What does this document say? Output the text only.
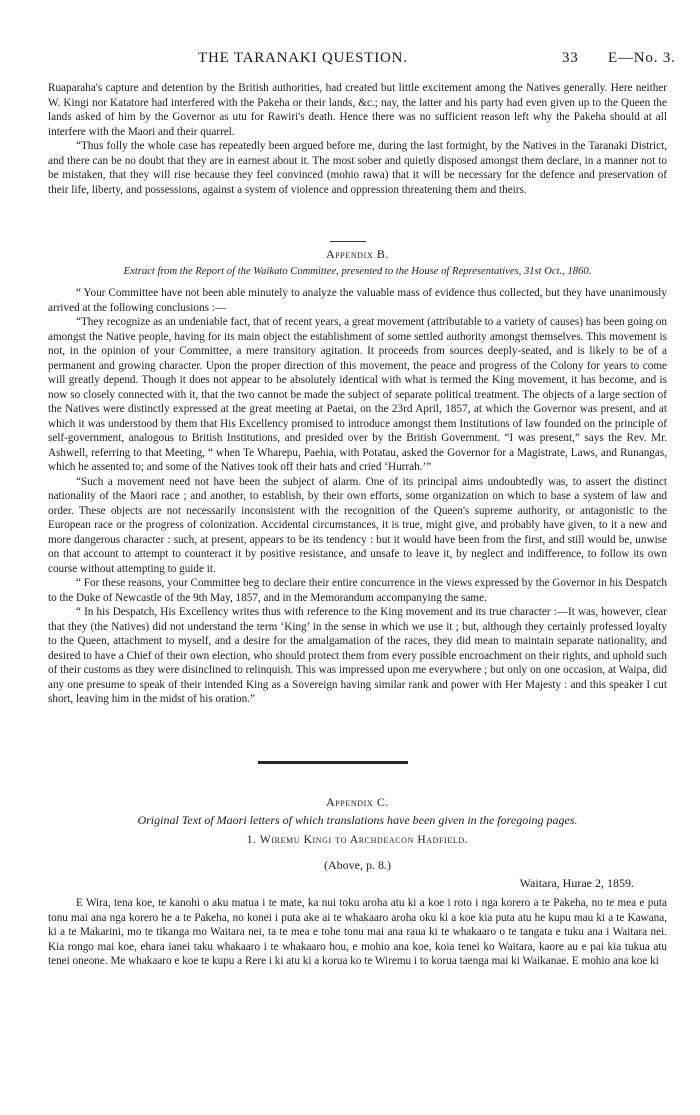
THE TARANAKI QUESTION.	33 E—No. 3.

Ruaparaha's capture and detention by the British authorities, had created but little excitement among the Natives generally. Here neither W. Kingi nor Katatore had interfered with the Pakeha or their lands, &c.; nay, the latter and his party had even given up to the Queen the lands asked of him by the Governor as utu for Rawiri's death. Hence there was no sufficient reason left why the Pakeha should at all interfere with the Maori and their quarrel.

“Thus folly the whole case has repeatedly been argued before me, during the last fortnight, by the Natives in the Taranaki District, and there can be no doubt that they are in earnest about it. The most sober and quietly disposed amongst them declare, in a manner not to be mistaken, that they will rise because they feel convinced (mohio rawa) that it will be necessary for the defence and preservation of their life, liberty, and possessions, against a system of violence and oppression threatening them and theirs.

Appendix B.
Extract from the Report of the Waikato Committee, presented to the House of Representatives, 31st Oct., 1860.

“ Your Committee have not been able minutely to analyze the valuable mass of evidence thus collected, but they have unanimously arrived at the following conclusions :—

“They recognize as an undeniable fact, that of recent years, a great movement (attributable to a variety of causes) has been going on amongst the Native people, having for its main object the establishment of some settled authority amongst themselves. This movement is not, in the opinion of your Committee, a mere transitory agitation. It proceeds from sources deeply-seated, and is likely to be of a permanent and growing character. Upon the proper direction of this movement, the peace and progress of the Colony for years to come will greatly depend. Though it does not appear to be absolutely identical with what is termed the King movement, it has become, and is now so closely connected with it, that the two cannot be made the subject of separate political treatment. The objects of a large section of the Natives were distinctly expressed at the great meeting at Paetai, on the 23rd April, 1857, at which the Governor was present, and at which it was understood by them that His Excellency promised to introduce amongst them Institutions of law founded on the principle of self-government, analogous to British Institutions, and presided over by the British Government. “I was present,” says the Rev. Mr. Ashwell, referring to that Meeting, “ when Te Wharepu, Paehia, with Potatau, asked the Governor for a Magistrate, Laws, and Runangas, which he assented to; and some of the Natives took off their hats and cried ‘Hurrah.’”

“Such a movement need not have been the subject of alarm. One of its principal aims undoubtedly was, to assert the distinct nationality of the Maori race ; and another, to establish, by their own efforts, some organization on which to base a system of law and order. These objects are not necessarily inconsistent with the recognition of the Queen's supreme authority, or antagonistic to the European race or the progress of colonization. Accidental circumstances, it is true, might give, and probably have given, to it a new and more dangerous character : such, at present, appears to be its tendency : but it would have been from the first, and still would be, unwise on that account to attempt to counteract it by positive resistance, and unsafe to leave it, by neglect and indifference, to follow its own course without attempting to guide it.

“ For these reasons, your Committee beg to declare their entire concurrence in the views expressed by the Governor in his Despatch to the Duke of Newcastle of the 9th May, 1857, and in the Memorandum accompanying the same.

“ In his Despatch, His Excellency writes thus with reference to the King movement and its true character :—It was, however, clear that they (the Natives) did not understand the term ‘King’ in the sense in which we use it ; but, although they certainly professed loyalty to the Queen, attachment to myself, and a desire for the amalgamation of the races, they did mean to maintain separate nationality, and desired to have a Chief of their own election, who should protect them from every possible encroachment on their rights, and uphold such of their customs as they were disinclined to relinquish. This was impressed upon me everywhere ; but only on one occasion, at Waipa, did any one presume to speak of their intended King as a Sovereign having similar rank and power with Her Majesty : and this speaker I cut short, leaving him in the midst of his oration.”

Appendix C.
Original Text of Maori letters of which translations have been given in the foregoing pages.
1. Wiremu Kingi to Archdeacon Hadfield.
(Above, p. 8.)
Waitara, Hurae 2, 1859.

E Wira, tena koe, te kanohi o aku matua i te mate, ka nui toku aroha atu ki a koe i roto i nga korero a te Pakeha, no te mea e puta tonu mai ana nga korero he a te Pakeha, no konei i puta ake ai te whakaaro aroha oku ki a koe kia puta atu he kupu mau ki a te Kawana, ki a te Makarini, mo te tikanga mo Waitara nei, ta te mea e tohe tonu mai ana raua ki te whakaaro o te tangata e tuku ana i Waitara nei. Kia rongo mai koe, ehara ianei taku whakaaro i te whakaaro hou, e mohio ana koe, koia tenei ko Waitara, kaore au e pai kia tukua atu tenei oneone. Me whakaaro e koe te kupu a Rere i ki atu ki a korua ko te Wiremu i to korua taenga mai ki Waikanae. E mohio ana koe ki
